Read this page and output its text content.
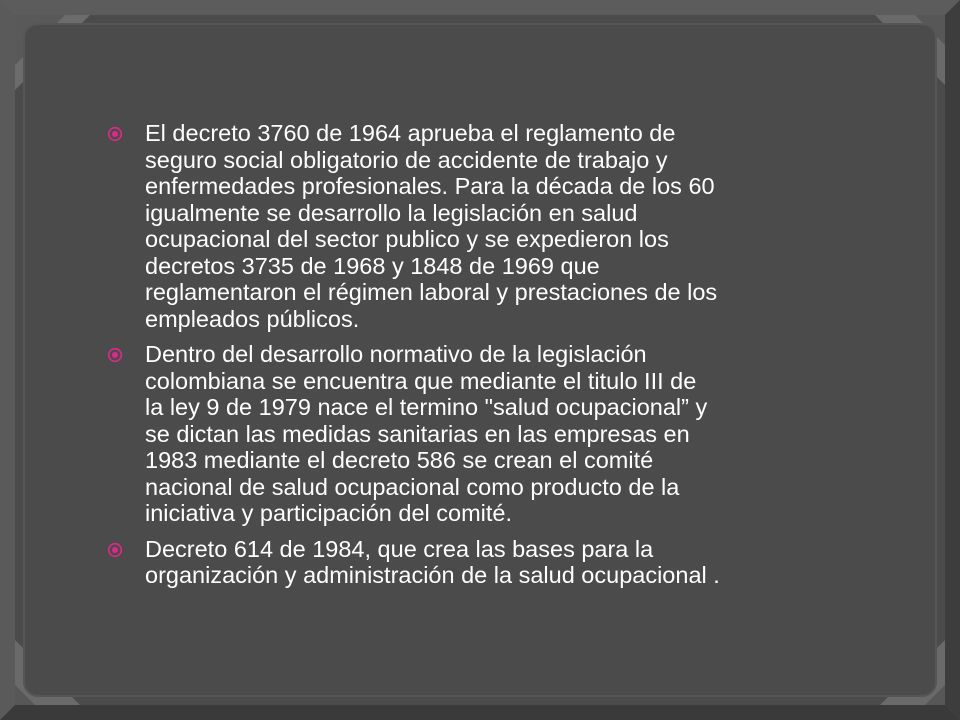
El decreto 3760 de 1964 aprueba el reglamento de
seguro social obligatorio de accidente de trabajo y
enfermedades profesionales. Para la década de los 60
igualmente se desarrollo la legislación en salud
ocupacional del sector publico y se expedieron los
decretos 3735 de 1968 y 1848 de 1969 que
reglamentaron el régimen laboral y prestaciones de los
empleados públicos.
Dentro del desarrollo normativo de la legislación
colombiana se encuentra que mediante el titulo III de
la ley 9 de 1979 nace el termino "salud ocupacional” y
se dictan las medidas sanitarias en las empresas en
1983 mediante el decreto 586 se crean el comité
nacional de salud ocupacional como producto de la
iniciativa y participación del comité.
Decreto 614 de 1984, que crea las bases para la
organización y administración de la salud ocupacional .
